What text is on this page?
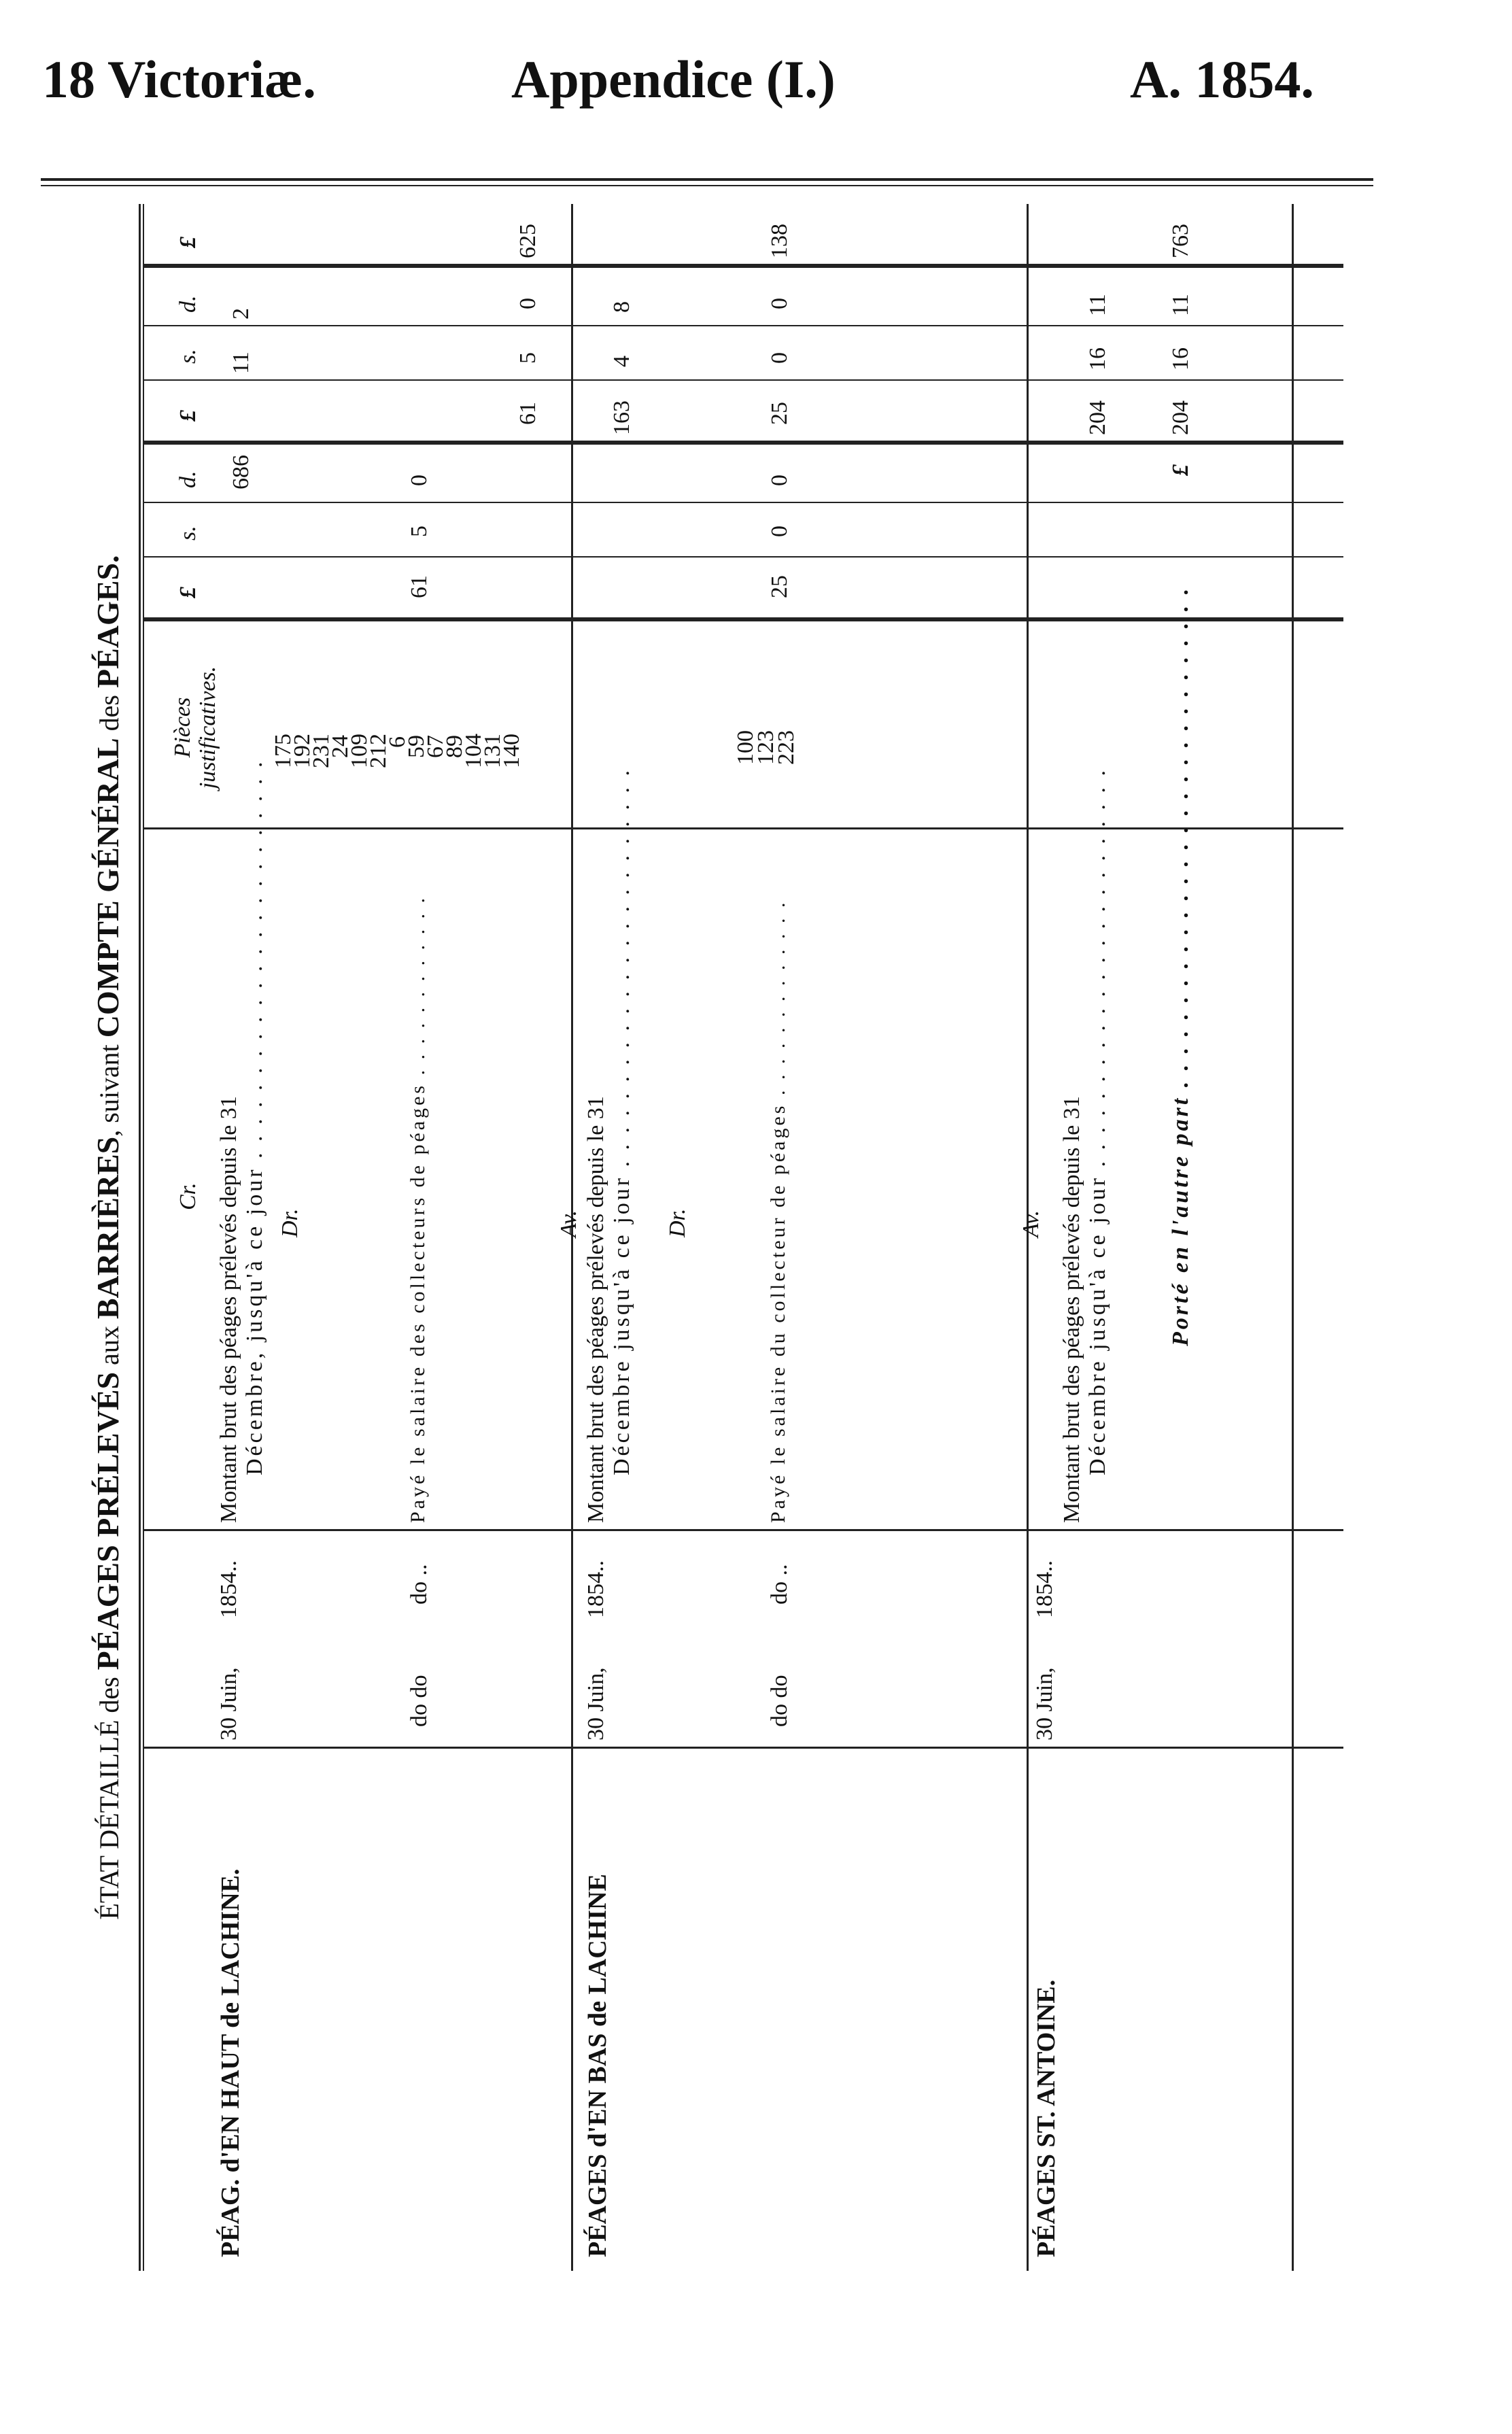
18 Victoriæ.	Appendice (I.)	A. 1854.
ÉTAT DÉTAILLÉ des PÉAGES PRÉLEVÉS aux BARRIÈRES, suivant COMPTE GÉNÉRAL des PÉAGES.
Pièces justificatives.
£
s.
d.
£
s.
d.
£
PÉAG. d'EN HAUT de LACHINE.
30 Juin,
1854..
Cr. Montant brut des péages prélevés depuis le 31 Décembre, jusqu'à ce jour . . . . . . . . . . . . . . . . . . . . . . . .
686
11
2
Dr.
do do
do ..
Payé le salaire des collecteurs de péages . . . . . . . . . . . .
175
192
231
24
109
212
6
59
67
89
104
131
140
61
5
0
61
5
0
625
PÉAGES d'EN BAS de LACHINE
30 Juin,
1854..
Av. Montant brut des péages prélevés depuis le 31 Décembre jusqu'à ce jour . . . . . . . . . . . . . . . . . . . . . . . .
163
4
8
Dr.
do do
do ..
Payé le salaire du collecteur de péages . . . . . . . . . . . . .
100
123
223
25
0
0
25
0
0
138
PÉAGES ST. ANTOINE.
30 Juin,
1854..
Av. Montant brut des péages prélevés depuis le 31 Décembre jusqu'à ce jour . . . . . . . . . . . . . . . . . . . . . . . .
204
16
11
Porté en l'autre part . . . . . . . . . . . . . . . . . . . . . . . . . . . . . .
£
204
16
11
763
